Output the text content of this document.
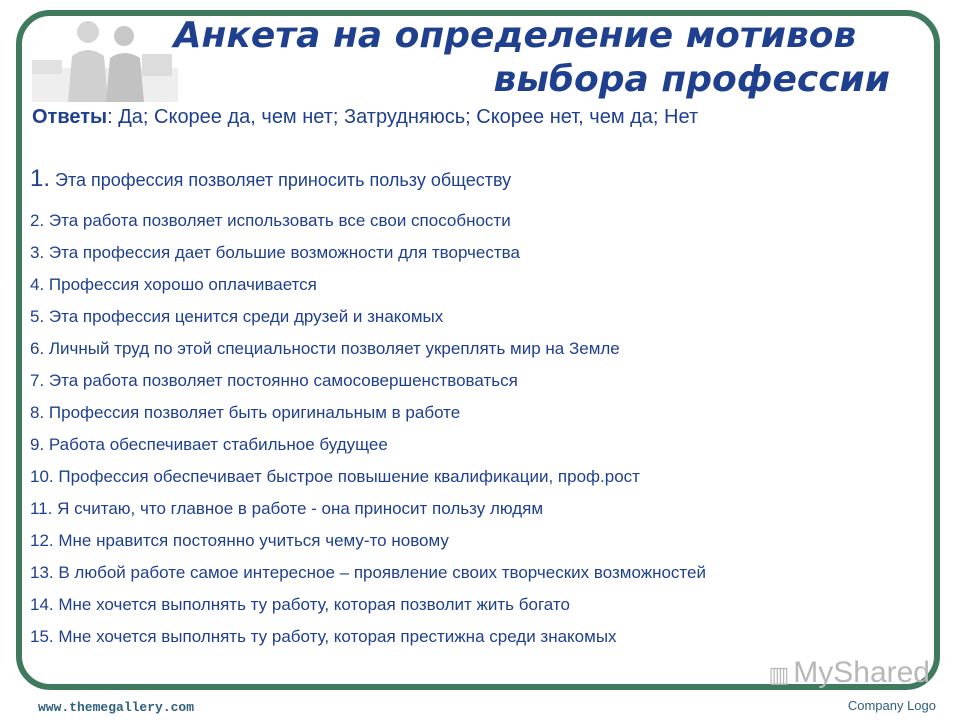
Анкета на определение мотивов
выбора профессии
Ответы: Да; Скорее да, чем нет; Затрудняюсь; Скорее нет, чем да; Нет

1. Эта профессия позволяет приносить пользу обществу

2. Эта работа позволяет использовать все свои способности

3. Эта профессия дает большие возможности для творчества

4. Профессия хорошо оплачивается

5. Эта профессия ценится среди друзей и знакомых

6. Личный труд по этой специальности позволяет укреплять мир на Земле

7. Эта работа позволяет постоянно самосовершенствоваться

8. Профессия позволяет быть оригинальным в работе

9. Работа обеспечивает стабильное будущее

10. Профессия обеспечивает быстрое повышение квалификации, проф.рост

11. Я считаю, что главное в работе - она приносит пользу людям

12. Мне нравится постоянно учиться чему-то новому

13. В любой работе самое интересное – проявление своих творческих возможностей

14. Мне хочется выполнять ту работу, которая позволит жить богато

15. Мне хочется выполнять ту работу, которая престижна среди знакомых

▥ MyShared
www.themegallery.com	Company Logo
